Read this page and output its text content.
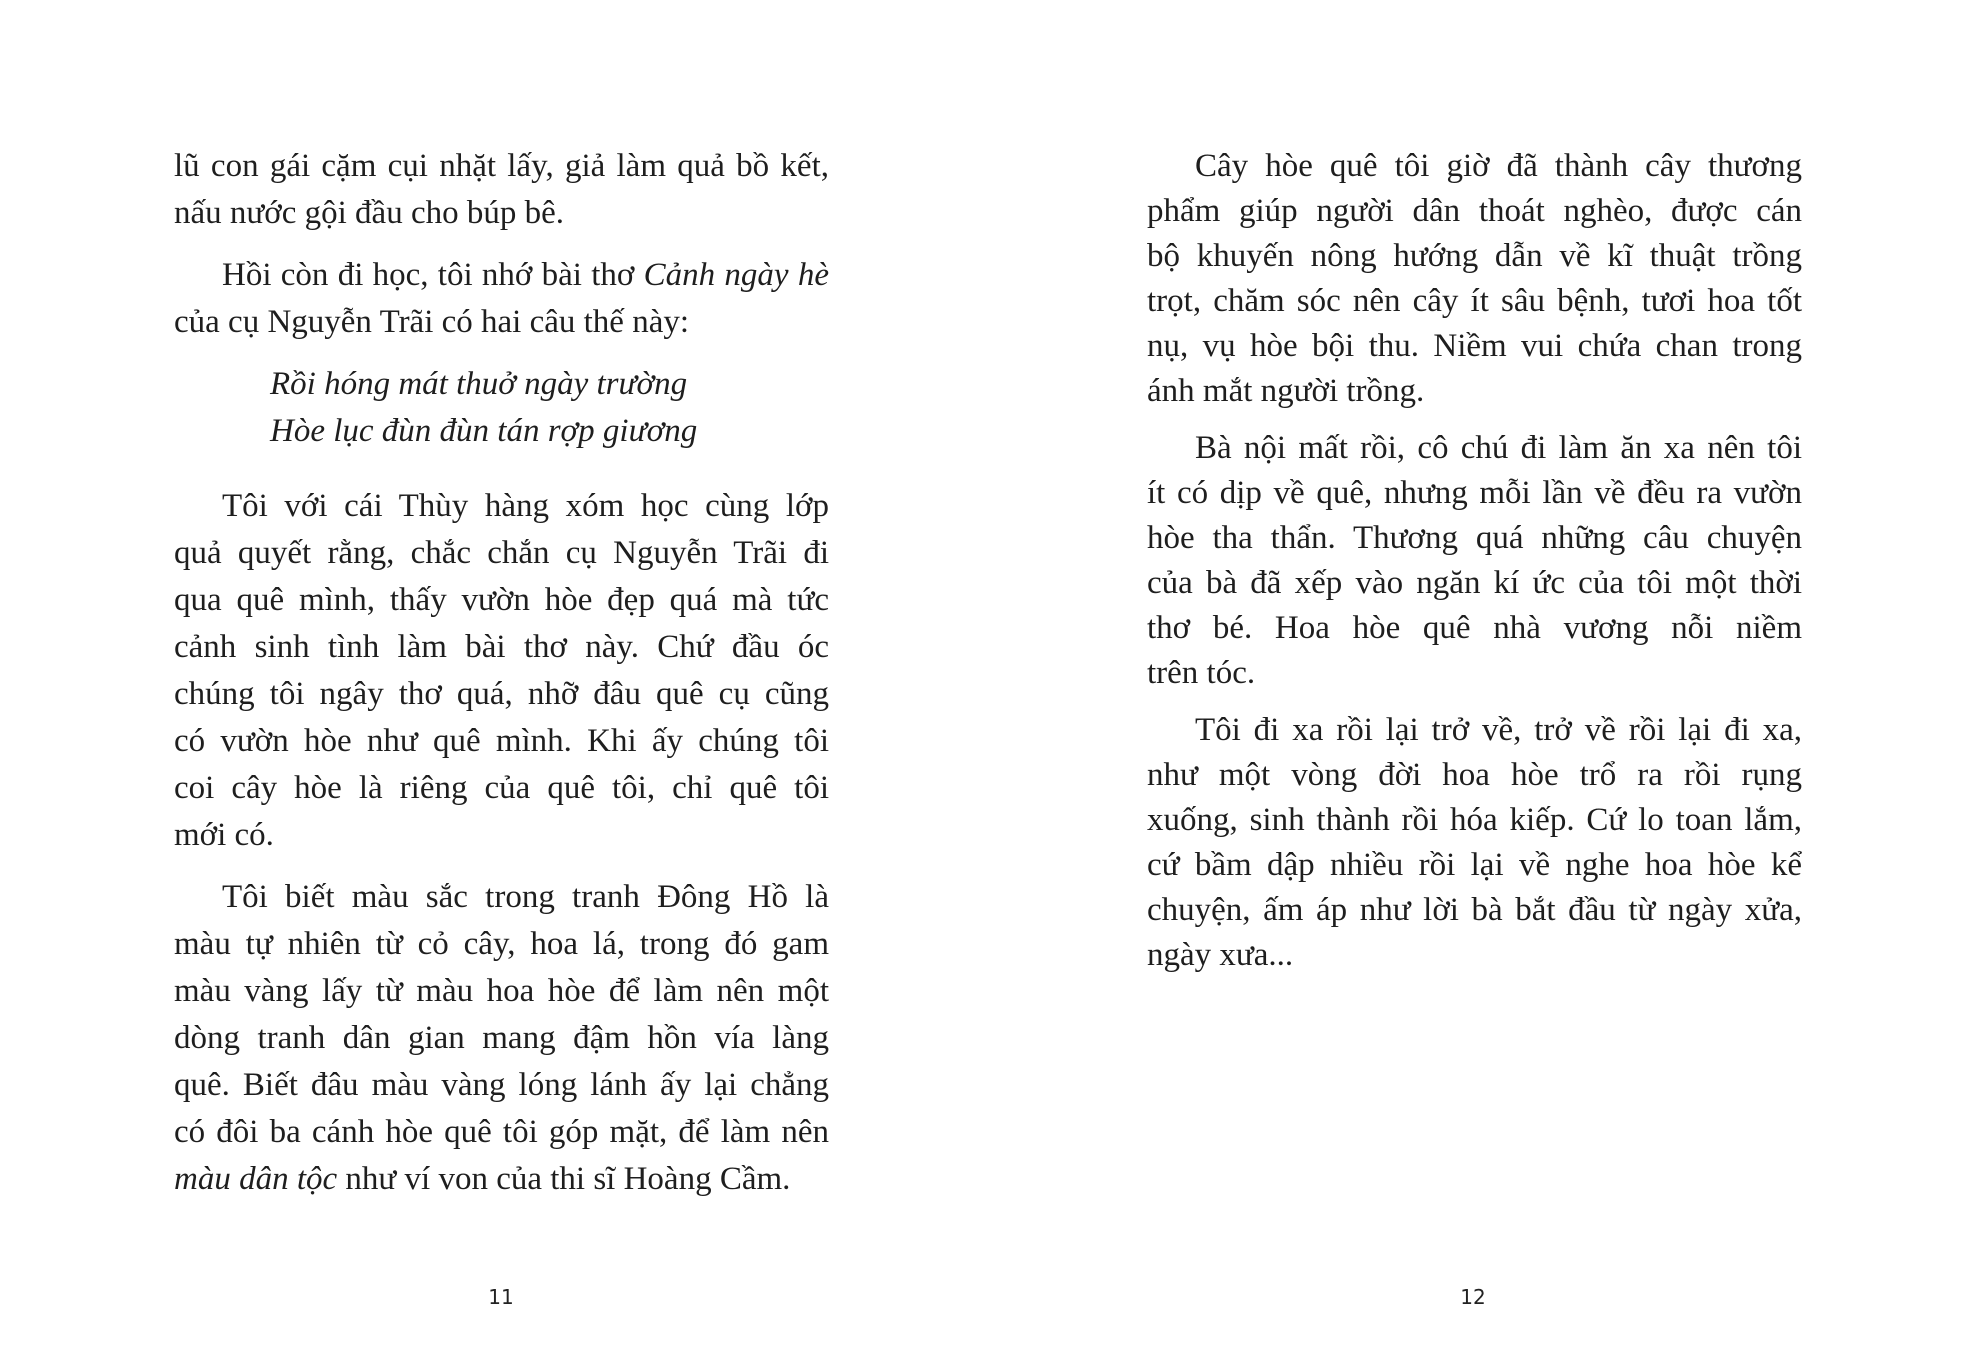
lũ con gái cặm cụi nhặt lấy, giả làm quả bồ kết,
nấu nước gội đầu cho búp bê.
Hồi còn đi học, tôi nhớ bài thơ Cảnh ngày hè
của cụ Nguyễn Trãi có hai câu thế này:
Rồi hóng mát thuở ngày trường
Hòe lục đùn đùn tán rợp giương
Tôi với cái Thùy hàng xóm học cùng lớp
quả quyết rằng, chắc chắn cụ Nguyễn Trãi đi
qua quê mình, thấy vườn hòe đẹp quá mà tức
cảnh sinh tình làm bài thơ này. Chứ đầu óc
chúng tôi ngây thơ quá, nhỡ đâu quê cụ cũng
có vườn hòe như quê mình. Khi ấy chúng tôi
coi cây hòe là riêng của quê tôi, chỉ quê tôi
mới có.
Tôi biết màu sắc trong tranh Đông Hồ là
màu tự nhiên từ cỏ cây, hoa lá, trong đó gam
màu vàng lấy từ màu hoa hòe để làm nên một
dòng tranh dân gian mang đậm hồn vía làng
quê. Biết đâu màu vàng lóng lánh ấy lại chẳng
có đôi ba cánh hòe quê tôi góp mặt, để làm nên
màu dân tộc như ví von của thi sĩ Hoàng Cầm.
Cây hòe quê tôi giờ đã thành cây thương
phẩm giúp người dân thoát nghèo, được cán
bộ khuyến nông hướng dẫn về kĩ thuật trồng
trọt, chăm sóc nên cây ít sâu bệnh, tươi hoa tốt
nụ, vụ hòe bội thu. Niềm vui chứa chan trong
ánh mắt người trồng.
Bà nội mất rồi, cô chú đi làm ăn xa nên tôi
ít có dịp về quê, nhưng mỗi lần về đều ra vườn
hòe tha thẩn. Thương quá những câu chuyện
của bà đã xếp vào ngăn kí ức của tôi một thời
thơ bé. Hoa hòe quê nhà vương nỗi niềm
trên tóc.
Tôi đi xa rồi lại trở về, trở về rồi lại đi xa,
như một vòng đời hoa hòe trổ ra rồi rụng
xuống, sinh thành rồi hóa kiếp. Cứ lo toan lắm,
cứ bầm dập nhiều rồi lại về nghe hoa hòe kể
chuyện, ấm áp như lời bà bắt đầu từ ngày xửa,
ngày xưa...
11	12
